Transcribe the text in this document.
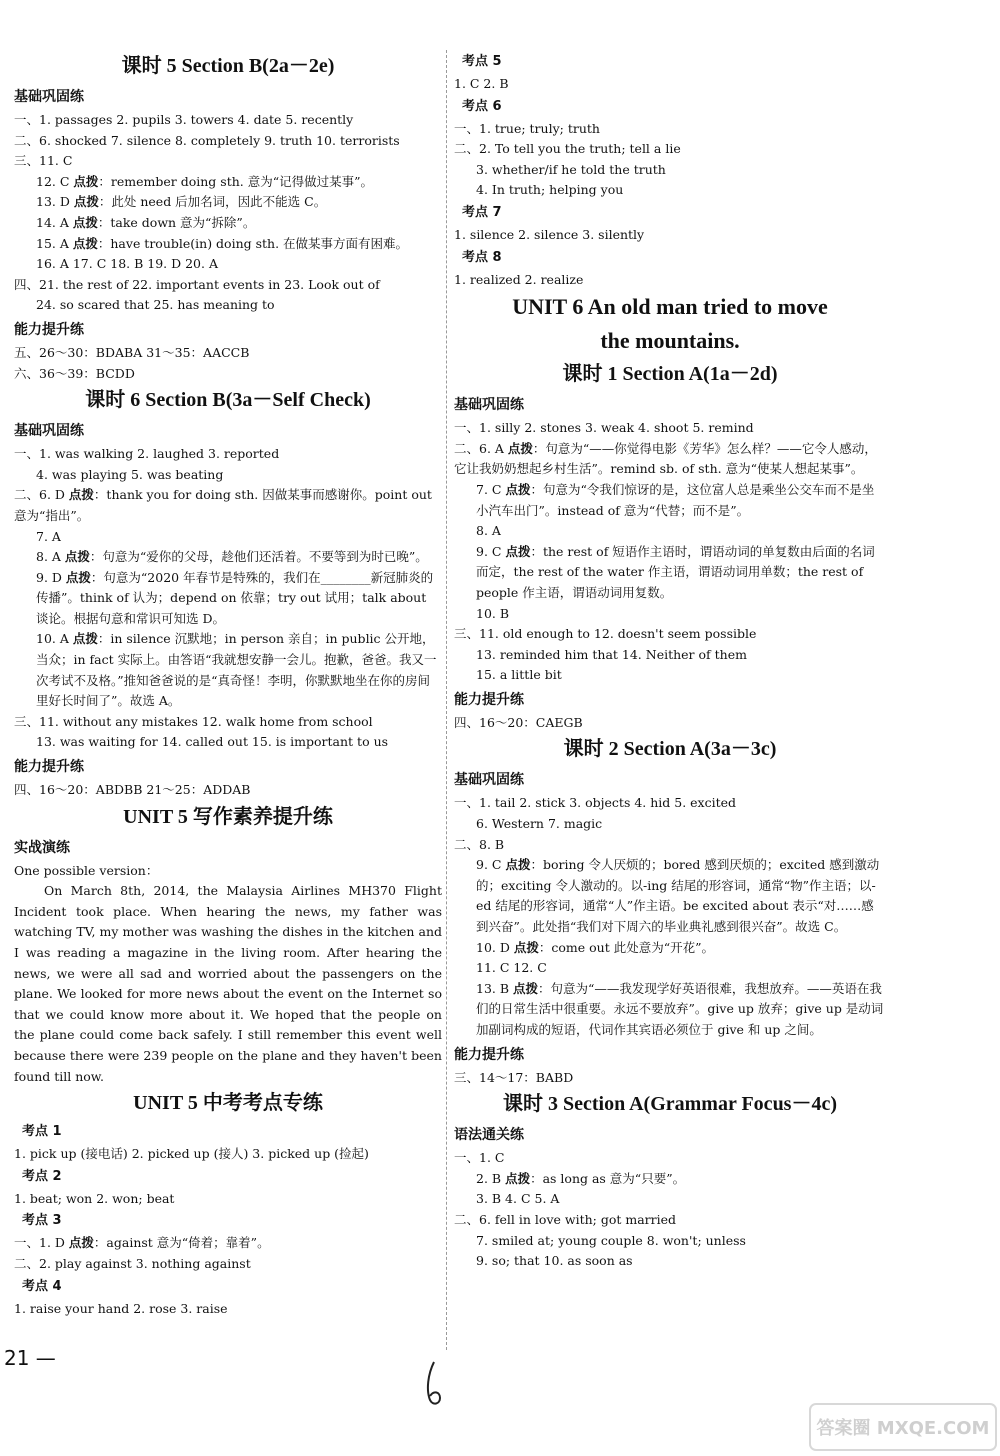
课时 5 Section B(2a－2e)
基础巩固练
一、1. passages 2. pupils 3. towers 4. date 5. recently
二、6. shocked 7. silence 8. completely 9. truth 10. terrorists
三、11. C
12. C 点拨：remember doing sth. 意为“记得做过某事”。
13. D 点拨：此处 need 后加名词，因此不能选 C。
14. A 点拨：take down 意为“拆除”。
15. A 点拨：have trouble(in) doing sth. 在做某事方面有困难。
16. A 17. C 18. B 19. D 20. A
四、21. the rest of 22. important events in 23. Look out of
24. so scared that 25. has meaning to
能力提升练
五、26～30：BDABA 31～35：AACCB
六、36～39：BCDD
课时 6 Section B(3a－Self Check)
基础巩固练
一、1. was walking 2. laughed 3. reported
4. was playing 5. was beating
二、6. D 点拨：thank you for doing sth. 因做某事而感谢你。point out 意为“指出”。
7. A
8. A 点拨：句意为“爱你的父母，趁他们还活着。不要等到为时已晚”。
9. D 点拨：句意为“2020 年春节是特殊的，我们在________新冠肺炎的传播”。think of 认为；depend on 依靠；try out 试用；talk about 谈论。根据句意和常识可知选 D。
10. A 点拨：in silence 沉默地；in person 亲自；in public 公开地，当众；in fact 实际上。由答语“我就想安静一会儿。抱歉，爸爸。我又一次考试不及格。”推知爸爸说的是“真奇怪！李明，你默默地坐在你的房间里好长时间了”。故选 A。
三、11. without any mistakes 12. walk home from school
13. was waiting for 14. called out 15. is important to us
能力提升练
四、16～20：ABDBB 21～25：ADDAB
UNIT 5 写作素养提升练
实战演练
One possible version：
On March 8th, 2014, the Malaysia Airlines MH370 Flight Incident took place. When hearing the news, my father was watching TV, my mother was washing the dishes in the kitchen and I was reading a magazine in the living room. After hearing the news, we were all sad and worried about the passengers on the plane. We looked for more news about the event on the Internet so that we could know more about it. We hoped that the people on the plane could come back safely. I still remember this event well because there were 239 people on the plane and they haven't been found till now.
UNIT 5 中考考点专练
考点 1
1. pick up (接电话) 2. picked up (接人) 3. picked up (捡起)
考点 2
1. beat; won 2. won; beat
考点 3
一、1. D 点拨：against 意为“倚着；靠着”。
二、2. play against 3. nothing against
考点 4
1. raise your hand 2. rose 3. raise
考点 5
1. C 2. B
考点 6
一、1. true; truly; truth
二、2. To tell you the truth; tell a lie
3. whether/if he told the truth
4. In truth; helping you
考点 7
1. silence 2. silence 3. silently
考点 8
1. realized 2. realize
UNIT 6 An old man tried to move
the mountains.
课时 1 Section A(1a－2d)
基础巩固练
一、1. silly 2. stones 3. weak 4. shoot 5. remind
二、6. A 点拨：句意为“——你觉得电影《芳华》怎么样？——它令人感动，它让我奶奶想起乡村生活”。remind sb. of sth. 意为“使某人想起某事”。
7. C 点拨：句意为“令我们惊讶的是，这位富人总是乘坐公交车而不是坐小汽车出门”。instead of 意为“代替；而不是”。
8. A
9. C 点拨：the rest of 短语作主语时，谓语动词的单复数由后面的名词而定，the rest of the water 作主语，谓语动词用单数；the rest of people 作主语，谓语动词用复数。
10. B
三、11. old enough to 12. doesn't seem possible
13. reminded him that 14. Neither of them
15. a little bit
能力提升练
四、16～20：CAEGB
课时 2 Section A(3a－3c)
基础巩固练
一、1. tail 2. stick 3. objects 4. hid 5. excited
6. Western 7. magic
二、8. B
9. C 点拨：boring 令人厌烦的；bored 感到厌烦的；excited 感到激动的；exciting 令人激动的。以-ing 结尾的形容词，通常“物”作主语；以-ed 结尾的形容词，通常“人”作主语。be excited about 表示“对……感到兴奋”。此处指“我们对下周六的毕业典礼感到很兴奋”。故选 C。
10. D 点拨：come out 此处意为“开花”。
11. C 12. C
13. B 点拨：句意为“——我发现学好英语很难，我想放弃。——英语在我们的日常生活中很重要。永远不要放弃”。give up 放弃；give up 是动词加副词构成的短语，代词作其宾语必须位于 give 和 up 之间。
能力提升练
三、14～17：BABD
课时 3 Section A(Grammar Focus－4c)
语法通关练
一、1. C
2. B 点拨：as long as 意为“只要”。
3. B 4. C 5. A
二、6. fell in love with; got married
7. smiled at; young couple 8. won't; unless
9. so; that 10. as soon as
21 —
答案圈 MXQE.COM
